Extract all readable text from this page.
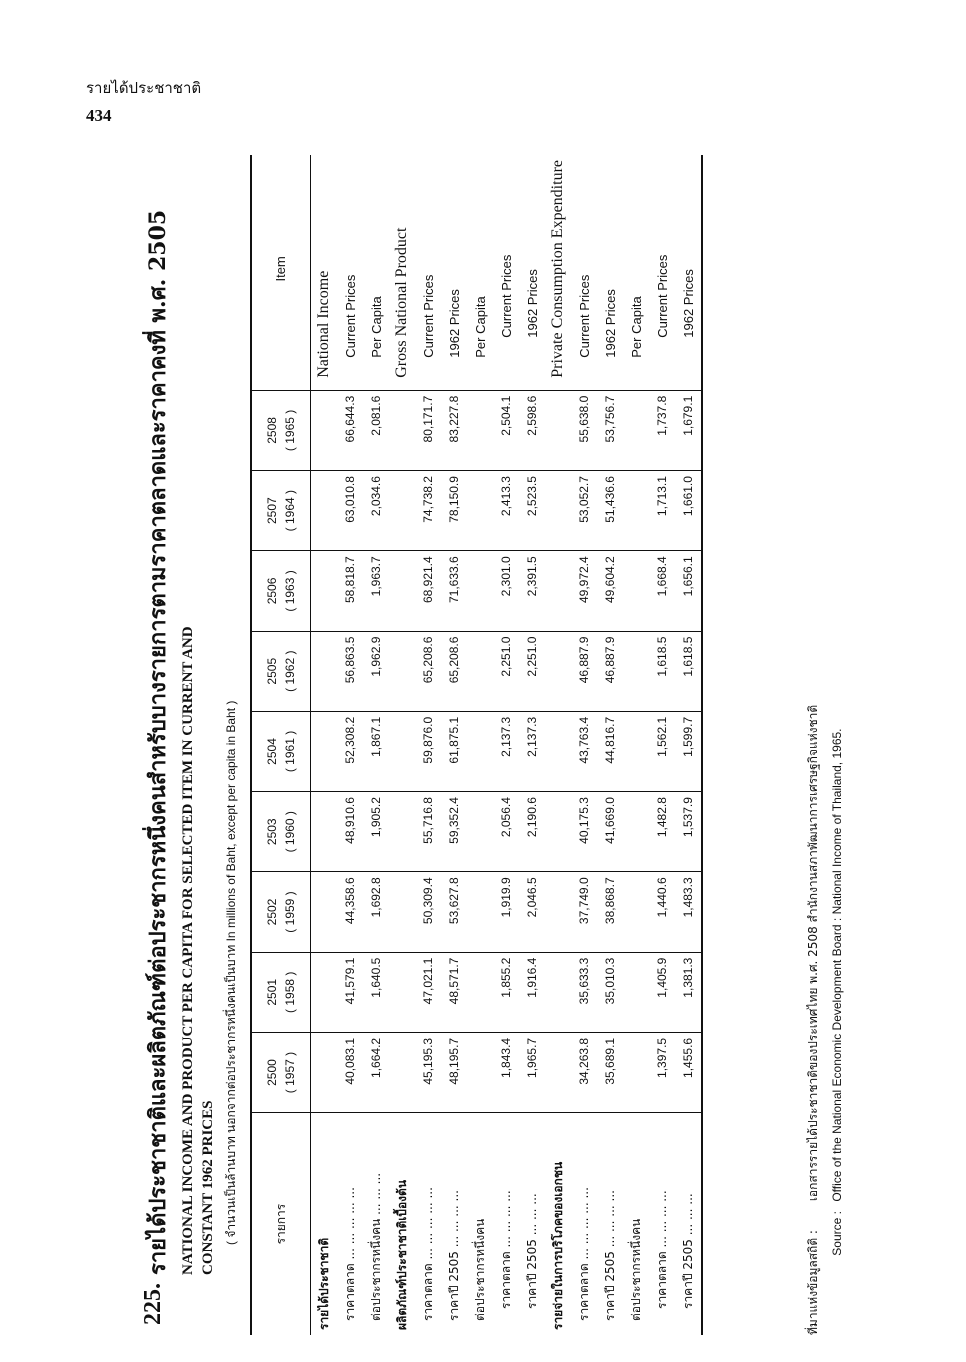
รายได้ประชาชาติ
434
225.
รายได้ประชาชาติและผลิตภัณฑ์ต่อประชากรหนึ่งคนสำหรับบางรายการตามราคาตลาดและราคาคงที่ พ.ศ. 2505 NATIONAL INCOME AND PRODUCT PER CAPITA FOR SELECTED ITEM IN CURRENT AND CONSTANT 1962 PRICES ( จำนวนเป็นล้านบาท นอกจากต่อประชากรหนึ่งคนเป็นบาท In millions of Baht, except per capita in Baht )	รายการ	2500 ( 1957 )	2501 ( 1958 )	2502 ( 1959 )	2503 ( 1960 )	2504 ( 1961 )	2505 ( 1962 )	2506 ( 1963 )	2507 ( 1964 )	2508 ( 1965 )	Item
รายได้ประชาชาติ										National Income
ราคาตลาด ... ... ... ... ...	40,083.1	41,579.1	44,358.6	48,910.6	52,308.2	56,863.5	58,818.7	63,010.8	66,644.3	Current Prices
ต่อประชากรหนึ่งคน ... ... ...	1,664.2	1,640.5	1,692.8	1,905.2	1,867.1	1,962.9	1,963.7	2,034.6	2,081.6	Per Capita
ผลิตภัณฑ์ประชาชาติเบื้องต้น										Gross National Product
ราคาตลาด ... ... ... ... ...	45,195.3	47,021.1	50,309.4	55,716.8	59,876.0	65,208.6	68,921.4	74,738.2	80,171.7	Current Prices
ราคาปี 2505 ... ... ... ...	48,195.7	48,571.7	53,627.8	59,352.4	61,875.1	65,208.6	71,633.6	78,150.9	83,227.8	1962 Prices
ต่อประชากรหนึ่งคน										Per Capita
ราคาตลาด ... ... ... ...	1,843.4	1,855.2	1,919.9	2,056.4	2,137.3	2,251.0	2,301.0	2,413.3	2,504.1	Current Prices
ราคาปี 2505 ... ... ...	1,965.7	1,916.4	2,046.5	2,190.6	2,137.3	2,251.0	2,391.5	2,523.5	2,598.6	1962 Prices
รายจ่ายในการบริโภคของเอกชน										Private Consumption Expenditure
ราคาตลาด ... ... ... ... ...	34,263.8	35,633.3	37,749.0	40,175.3	43,763.4	46,887.9	49,972.4	53,052.7	55,638.0	Current Prices
ราคาปี 2505 ... ... ... ...	35,689.1	35,010.3	38,868.7	41,669.0	44,816.7	46,887.9	49,604.2	51,436.6	53,756.7	1962 Prices
ต่อประชากรหนึ่งคน										Per Capita
ราคาตลาด ... ... ... ...	1,397.5	1,405.9	1,440.6	1,482.8	1,562.1	1,618.5	1,668.4	1,713.1	1,737.8	Current Prices
ราคาปี 2505 ... ... ...	1,455.6	1,381.3	1,483.3	1,537.9	1,599.7	1,618.5	1,656.1	1,661.0	1,679.1	1962 Prices
ที่มาแห่งข้อมูลสถิติ : เอกสารรายได้ประชาชาติของประเทศไทย พ.ศ. 2508 สำนักงานสภาพัฒนาการเศรษฐกิจแห่งชาติ
Source : Office of the National Economic Development Board : National Income of Thailand, 1965.
